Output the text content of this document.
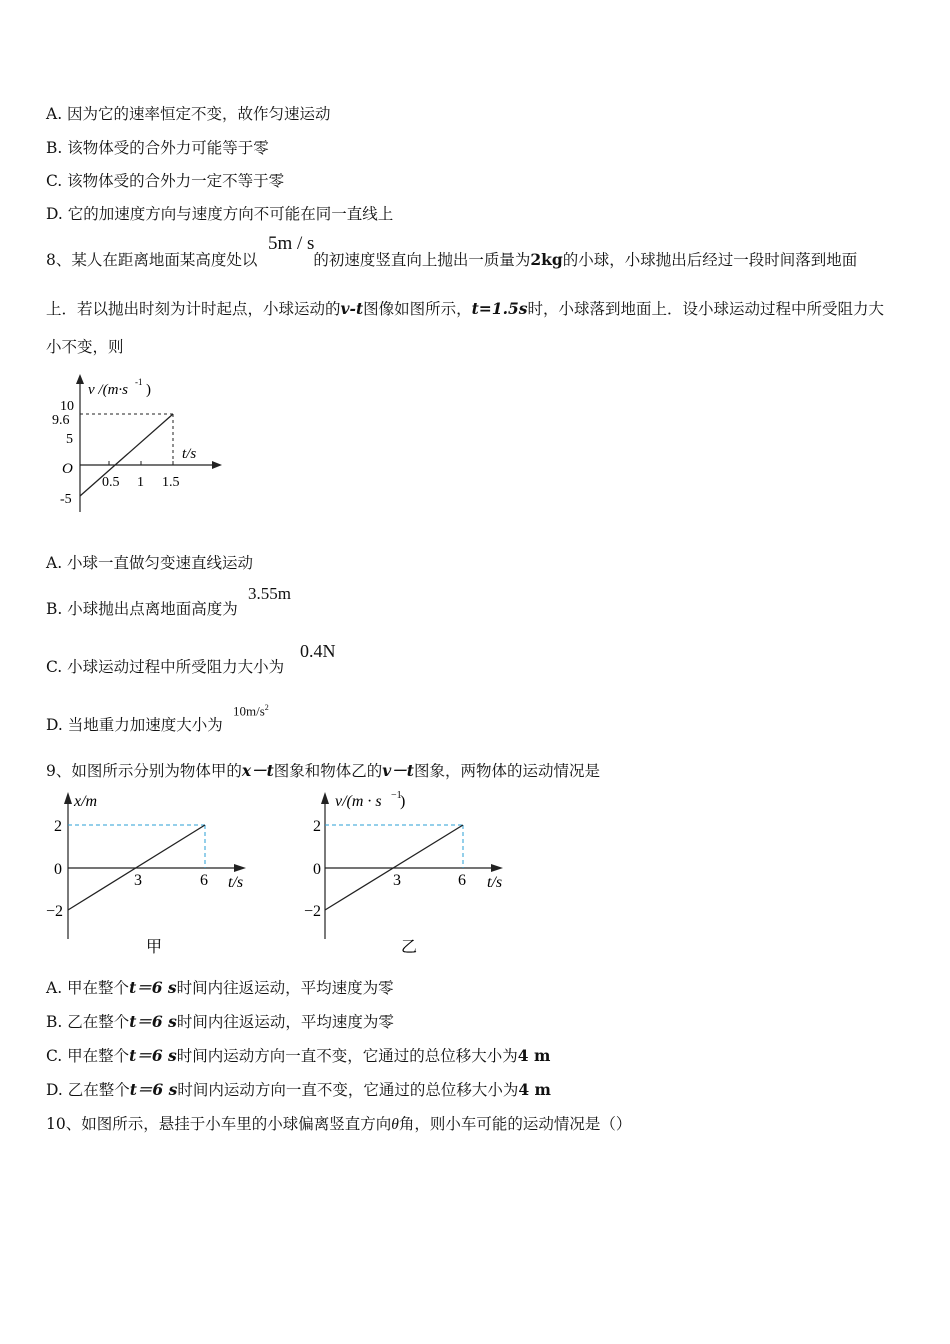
A. 因为它的速率恒定不变，故作匀速运动
B. 该物体受的合外力可能等于零
C. 该物体受的合外力一定不等于零
D. 它的加速度方向与速度方向不可能在同一直线上
8、某人在距离地面某高度处以	的初速度竖直向上抛出一质量为2kg的小球，小球抛出后经过一段时间落到地面
5m / s
上．若以抛出时刻为计时起点，小球运动的v-t图像如图所示，t=1.5s时，小球落到地面上．设小球运动过程中所受阻力大
小不变，则
v /(m·s -1 )
10
9.6
5
O
-5
0.5 1 1.5
t/s
A. 小球一直做匀变速直线运动
B. 小球抛出点离地面高度为
3.55m
C. 小球运动过程中所受阻力大小为
0.4N
D. 当地重力加速度大小为
$10m/s^2$
9、如图所示分别为物体甲的x－t图象和物体乙的v－t图象，两物体的运动情况是
x/m
2
0
−2
3	6 t/s
甲
v/(m · s −1
)
2
0
−2
3	6 t/s
乙
A. 甲在整个t＝6 s时间内往返运动，平均速度为零
B. 乙在整个t＝6 s时间内往返运动，平均速度为零
C. 甲在整个t＝6 s时间内运动方向一直不变，它通过的总位移大小为4 m
D. 乙在整个t＝6 s时间内运动方向一直不变，它通过的总位移大小为4 m
10、如图所示，悬挂于小车里的小球偏离竖直方向θ角，则小车可能的运动情况是（）
